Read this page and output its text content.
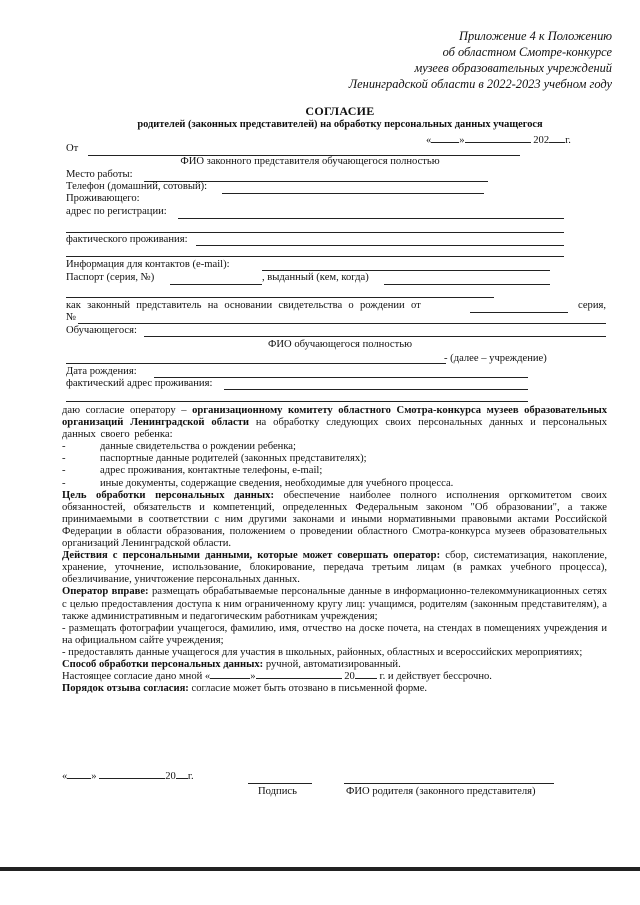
Приложение 4 к Положению
об областном Смотре-конкурсе
музеев образовательных учреждений
Ленинградской области в 2022-2023 учебном году
СОГЛАСИЕ
родителей (законных представителей) на обработку персональных данных учащегося
«	»	202 г.
От
ФИО законного представителя обучающегося полностью
Место работы:
Телефон (домашний, сотовый):
Проживающего:
адрес по регистрации:
фактического проживания:
Информация для контактов (e-mail):
Паспорт (серия, №)	, выданный (кем, когда)
как законный представитель на основании свидетельства о рождении от	серия,
№
Обучающегося:
ФИО обучающегося полностью
- (далее – учреждение)
Дата рождения:
фактический адрес проживания:

даю согласие оператору – организационному комитету областного Смотра-конкурса музеев образовательных организаций Ленинградской области на обработку следующих своих персональных данных и персональных данных своего ребенка:

-	данные свидетельства о рождении ребенка;

-	паспортные данные родителей (законных представителях);

-	адрес проживания, контактные телефоны, e-mail;

-	иные документы, содержащие сведения, необходимые для учебного процесса.

Цель обработки персональных данных: обеспечение наиболее полного исполнения оргкомитетом своих обязанностей, обязательств и компетенций, определенных Федеральным законом "Об образовании", а также принимаемыми в соответствии с ним другими законами и иными нормативными правовыми актами Российской Федерации в области образования, положением о проведении областного Смотра-конкурса музеев образовательных организаций Ленинградской области.

Действия с персональными данными, которые может совершать оператор: сбор, систематизация, накопление, хранение, уточнение, использование, блокирование, передача третьим лицам (в рамках учебного процесса), обезличивание, уничтожение персональных данных.

Оператор вправе: размещать обрабатываемые персональные данные в информационно-телекоммуникационных сетях с целью предоставления доступа к ним ограниченному кругу лиц: учащимся, родителям (законным представителям), а также административным и педагогическим работникам учреждения;

- размещать фотографии учащегося, фамилию, имя, отчество на доске почета, на стендах в помещениях учреждения и на официальном сайте учреждения;

- предоставлять данные учащегося для участия в школьных, районных, областных и всероссийских мероприятиях;

Способ обработки персональных данных: ручной, автоматизированный.

Настоящее согласие дано мной «	»	20 г. и действует бессрочно.

Порядок отзыва согласия: согласие может быть отозвано в письменной форме.

« »	20 г.
Подпись	ФИО родителя (законного представителя)
